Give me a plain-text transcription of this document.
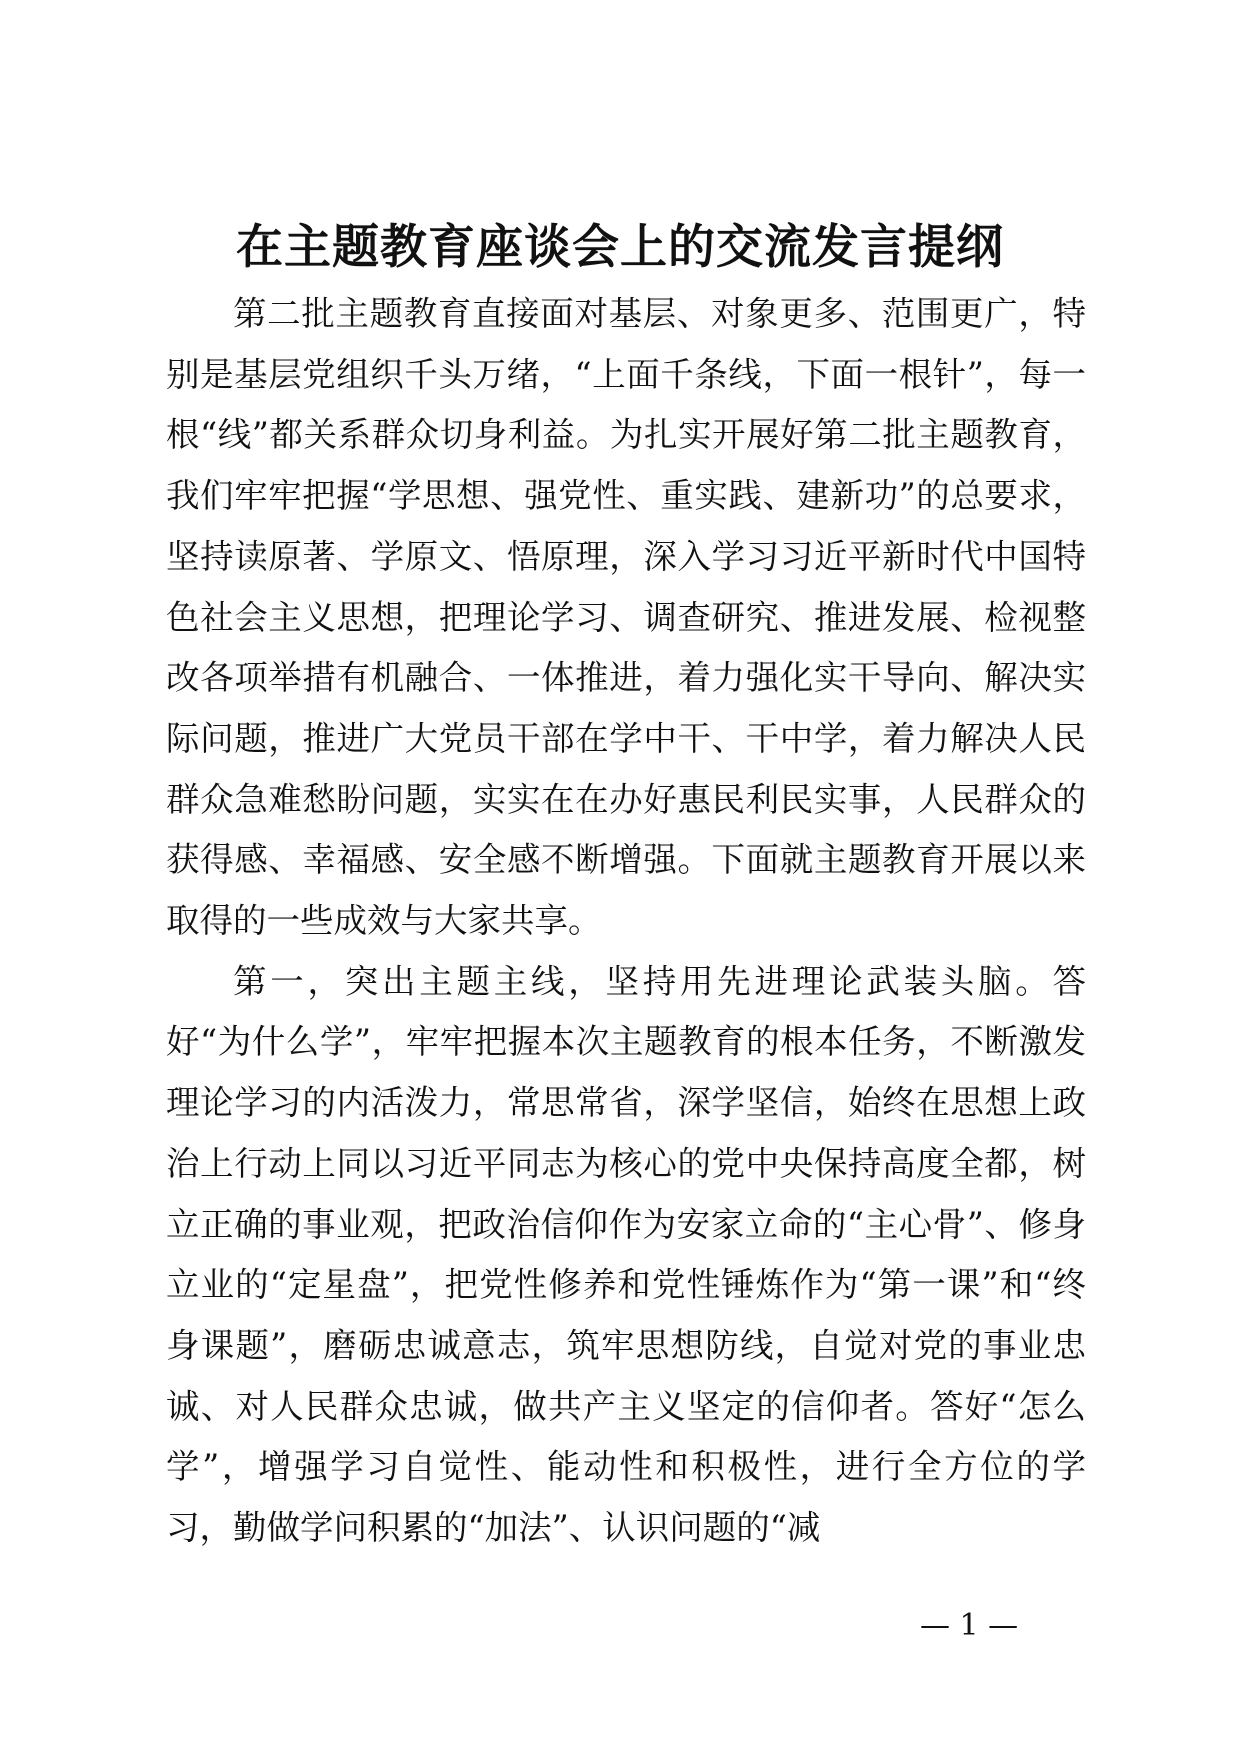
在主题教育座谈会上的交流发言提纲

第二批主题教育直接面对基层、对象更多、范围更广，特别是基层党组织千头万绪，“上面千条线，下面一根针”，每一根“线”都关系群众切身利益。为扎实开展好第二批主题教育，我们牢牢把握“学思想、强党性、重实践、建新功”的总要求，坚持读原著、学原文、悟原理，深入学习习近平新时代中国特色社会主义思想，把理论学习、调查研究、推进发展、检视整改各项举措有机融合、一体推进，着力强化实干导向、解决实际问题，推进广大党员干部在学中干、干中学，着力解决人民群众急难愁盼问题，实实在在办好惠民利民实事，人民群众的获得感、幸福感、安全感不断增强。下面就主题教育开展以来取得的一些成效与大家共享。

第一，突出主题主线，坚持用先进理论武装头脑。答好“为什么学”，牢牢把握本次主题教育的根本任务，不断激发理论学习的内活泼力，常思常省，深学坚信，始终在思想上政治上行动上同以习近平同志为核心的党中央保持高度全都，树立正确的事业观，把政治信仰作为安家立命的“主心骨”、修身立业的“定星盘”，把党性修养和党性锤炼作为“第一课”和“终身课题”，磨砺忠诚意志，筑牢思想防线，自觉对党的事业忠诚、对人民群众忠诚，做共产主义坚定的信仰者。答好“怎么学”，增强学习自觉性、能动性和积极性，进行全方位的学习，勤做学问积累的“加法”、认识问题的“减

— 1 —
